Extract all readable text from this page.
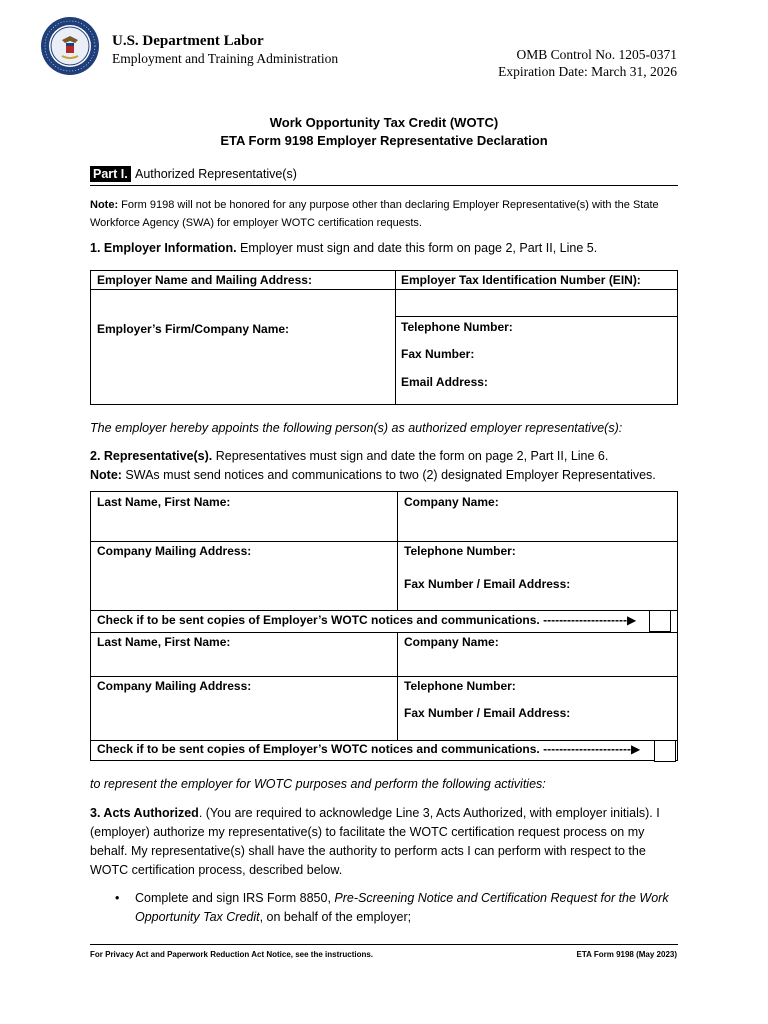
U.S. Department Labor
Employment and Training Administration	OMB Control No. 1205-0371
Expiration Date: March 31, 2026
Work Opportunity Tax Credit (WOTC)
ETA Form 9198 Employer Representative Declaration
Part I. Authorized Representative(s)
Note: Form 9198 will not be honored for any purpose other than declaring Employer Representative(s) with the State Workforce Agency (SWA) for employer WOTC certification requests.
1. Employer Information. Employer must sign and date this form on page 2, Part II, Line 5.
Employer Name and Mailing Address:	Employer Tax Identification Number (EIN):
Employer’s Firm/Company Name:	Telephone Number:
Fax Number:
Email Address:
The employer hereby appoints the following person(s) as authorized employer representative(s):
2. Representative(s). Representatives must sign and date the form on page 2, Part II, Line 6.
Note: SWAs must send notices and communications to two (2) designated Employer Representatives.
Last Name, First Name:	Company Name:
Company Mailing Address:	Telephone Number:
Fax Number / Email Address:
Check if to be sent copies of Employer’s WOTC notices and communications. ---------------------▶
Last Name, First Name:	Company Name:
Company Mailing Address:	Telephone Number:
Fax Number / Email Address:
Check if to be sent copies of Employer’s WOTC notices and communications. ----------------------▶
to represent the employer for WOTC purposes and perform the following activities:
3. Acts Authorized. (You are required to acknowledge Line 3, Acts Authorized, with employer initials). I (employer) authorize my representative(s) to facilitate the WOTC certification request process on my behalf. My representative(s) shall have the authority to perform acts I can perform with respect to the WOTC certification process, described below.
• Complete and sign IRS Form 8850, Pre-Screening Notice and Certification Request for the Work Opportunity Tax Credit, on behalf of the employer;
For Privacy Act and Paperwork Reduction Act Notice, see the instructions.	ETA Form 9198 (May 2023)
